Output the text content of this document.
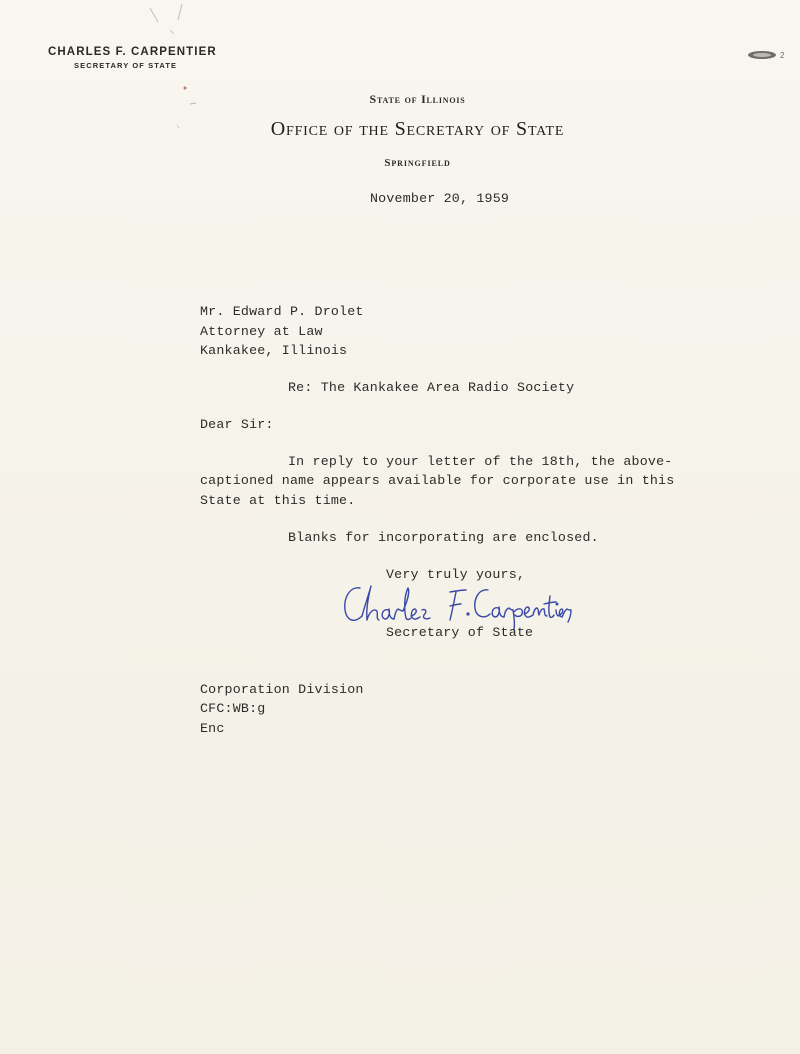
2
CHARLES F. CARPENTIER
SECRETARY OF STATE
State of Illinois
Office of the Secretary of State
Springfield
November 20, 1959
Mr. Edward P. Drolet
Attorney at Law
Kankakee, Illinois
Re: The Kankakee Area Radio Society
Dear Sir:
In reply to your letter of the 18th, the above-
captioned name appears available for corporate use in this
State at this time.
Blanks for incorporating are enclosed.
Very truly yours,
Secretary of State
Corporation Division
CFC:WB:g
Enc
